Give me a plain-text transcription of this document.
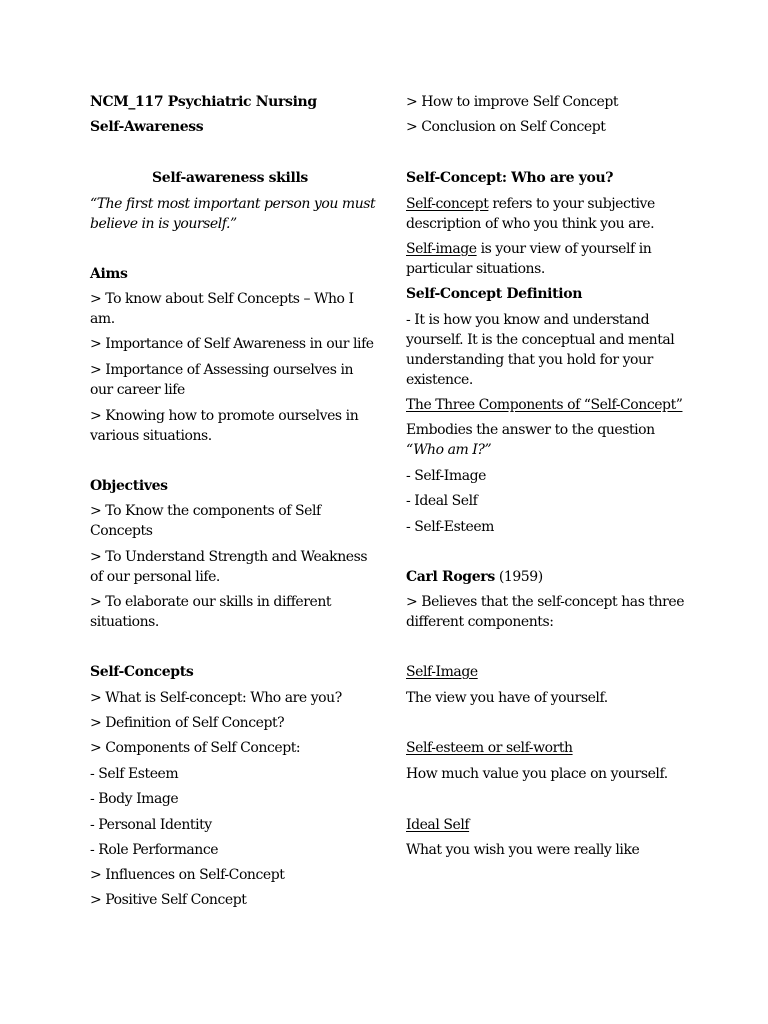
NCM_117 Psychiatric Nursing
Self-Awareness
Self-awareness skills
“The first most important person you must
believe in is yourself.”
Aims
> To know about Self Concepts – Who I
am.
> Importance of Self Awareness in our life
> Importance of Assessing ourselves in
our career life
> Knowing how to promote ourselves in
various situations.
Objectives
> To Know the components of Self
Concepts
> To Understand Strength and Weakness
of our personal life.
> To elaborate our skills in different
situations.
Self-Concepts
> What is Self-concept: Who are you?
> Definition of Self Concept?
> Components of Self Concept:
- Self Esteem
- Body Image
- Personal Identity
- Role Performance
> Influences on Self-Concept
> Positive Self Concept
> How to improve Self Concept
> Conclusion on Self Concept
Self-Concept: Who are you?
Self-concept refers to your subjective
description of who you think you are.
Self-image is your view of yourself in
particular situations.
Self-Concept Definition
- It is how you know and understand
yourself. It is the conceptual and mental
understanding that you hold for your
existence.
The Three Components of “Self-Concept”
Embodies the answer to the question
“Who am I?”
- Self-Image
- Ideal Self
- Self-Esteem
Carl Rogers (1959)
> Believes that the self-concept has three
different components:
Self-Image
The view you have of yourself.
Self-esteem or self-worth
How much value you place on yourself.
Ideal Self
What you wish you were really like
